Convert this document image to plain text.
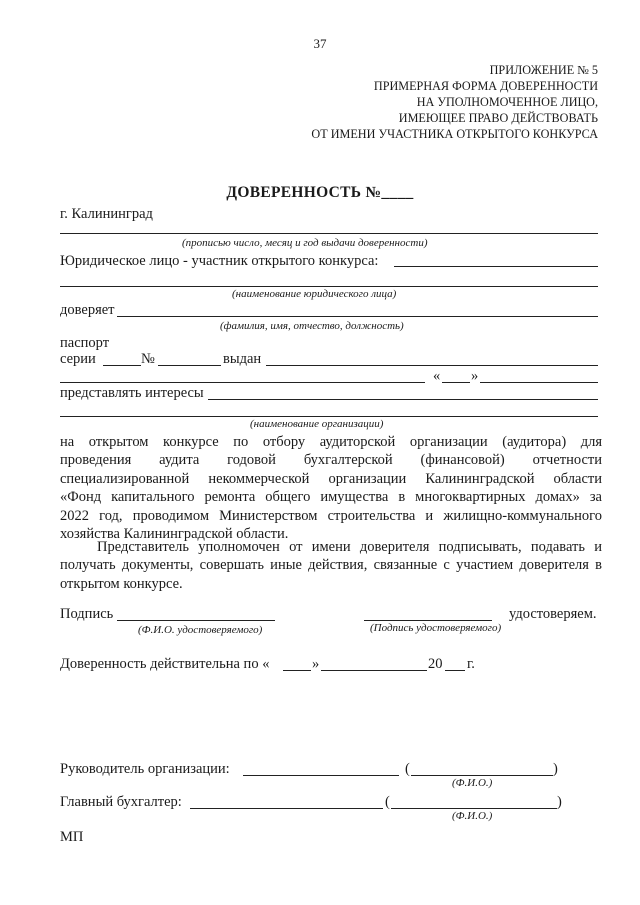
37
ПРИЛОЖЕНИЕ № 5
ПРИМЕРНАЯ ФОРМА ДОВЕРЕННОСТИ
НА УПОЛНОМОЧЕННОЕ ЛИЦО,
ИМЕЮЩЕЕ ПРАВО ДЕЙСТВОВАТЬ
ОТ ИМЕНИ УЧАСТНИКА ОТКРЫТОГО КОНКУРСА
ДОВЕРЕННОСТЬ №____
г. Калининград
(прописью число, месяц и год выдачи доверенности)
Юридическое лицо - участник открытого конкурса:
(наименование юридического лица)
доверяет
(фамилия, имя, отчество, должность)
паспорт
серии	№	выдан
« »
представлять интересы
(наименование организации)
на открытом конкурсе по отбору аудиторской организации (аудитора) для
проведения аудита годовой бухгалтерской (финансовой) отчетности
специализированной некоммерческой организации Калининградской области
«Фонд капитального ремонта общего имущества в многоквартирных домах» за
2022 год, проводимом Министерством строительства и жилищно-коммунального
хозяйства Калининградской области.
Представитель уполномочен от имени доверителя подписывать, подавать и
получать документы, совершать иные действия, связанные с участием доверителя в
открытом конкурсе.
Подпись	удостоверяем.
(Ф.И.О. удостоверяемого)	(Подпись удостоверяемого)
Доверенность действительна по «	»	20 г.
Руководитель организации:	(	)
(Ф.И.О.)
Главный бухгалтер:	(	)
(Ф.И.О.)
МП
